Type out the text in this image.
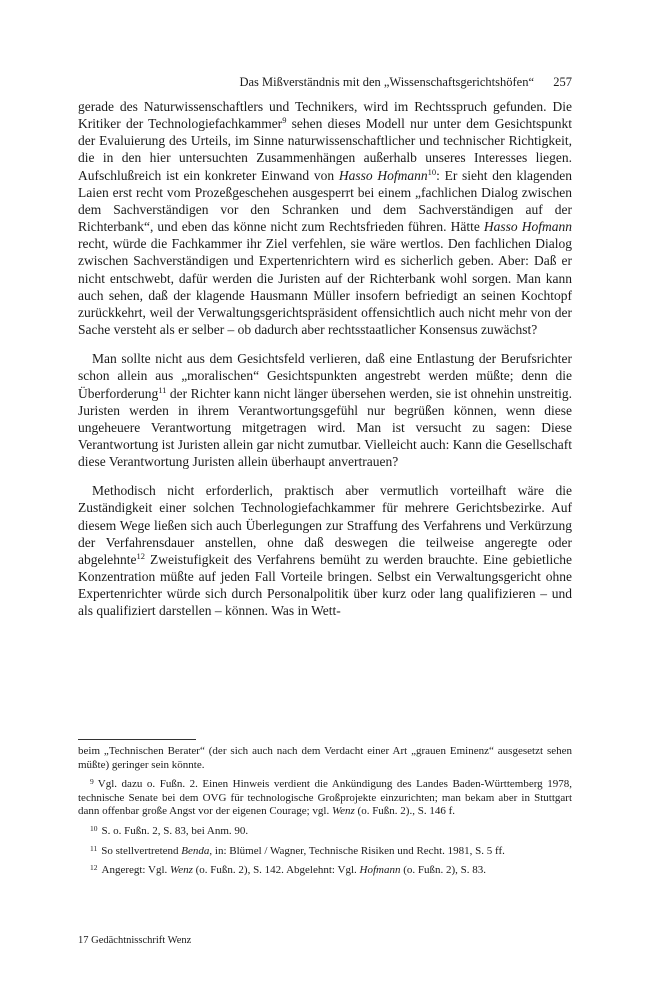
Das Mißverständnis mit den „Wissenschaftsgerichtshöfen“ 257

gerade des Naturwissenschaftlers und Technikers, wird im Rechtsspruch gefunden. Die Kritiker der Technologiefachkammer$^9$ sehen dieses Modell nur unter dem Gesichtspunkt der Evaluierung des Urteils, im Sinne naturwissenschaftlicher und technischer Richtigkeit, die in den hier untersuchten Zusammenhängen außerhalb unseres Interesses liegen. Aufschlußreich ist ein konkreter Einwand von Hasso Hofmann$^{10}$: Er sieht den klagenden Laien erst recht vom Prozeßgeschehen ausgesperrt bei einem „fachlichen Dialog zwischen dem Sachverständigen vor den Schranken und dem Sachverständigen auf der Richterbank“, und eben das könne nicht zum Rechtsfrieden führen. Hätte Hasso Hofmann recht, würde die Fachkammer ihr Ziel verfehlen, sie wäre wertlos. Den fachlichen Dialog zwischen Sachverständigen und Expertenrichtern wird es sicherlich geben. Aber: Daß er nicht entschwebt, dafür werden die Juristen auf der Richterbank wohl sorgen. Man kann auch sehen, daß der klagende Hausmann Müller insofern befriedigt an seinen Kochtopf zurückkehrt, weil der Verwaltungsgerichtspräsident offensichtlich auch nicht mehr von der Sache versteht als er selber – ob dadurch aber rechtsstaatlicher Konsensus zuwächst?

Man sollte nicht aus dem Gesichtsfeld verlieren, daß eine Entlastung der Berufsrichter schon allein aus „moralischen“ Gesichtspunkten angestrebt werden müßte; denn die Überforderung$^{11}$ der Richter kann nicht länger übersehen werden, sie ist ohnehin unstreitig. Juristen werden in ihrem Verantwortungsgefühl nur begrüßen können, wenn diese ungeheuere Verantwortung mitgetragen wird. Man ist versucht zu sagen: Diese Verantwortung ist Juristen allein gar nicht zumutbar. Vielleicht auch: Kann die Gesellschaft diese Verantwortung Juristen allein überhaupt anvertrauen?

Methodisch nicht erforderlich, praktisch aber vermutlich vorteilhaft wäre die Zuständigkeit einer solchen Technologiefachkammer für mehrere Gerichtsbezirke. Auf diesem Wege ließen sich auch Überlegungen zur Straffung des Verfahrens und Verkürzung der Verfahrensdauer anstellen, ohne daß deswegen die teilweise angeregte oder abgelehnte$^{12}$ Zweistufigkeit des Verfahrens bemüht zu werden brauchte. Eine gebietliche Konzentration müßte auf jeden Fall Vorteile bringen. Selbst ein Verwaltungsgericht ohne Expertenrichter würde sich durch Personalpolitik über kurz oder lang qualifizieren – und als qualifiziert darstellen – können. Was in Wett-

beim „Technischen Berater“ (der sich auch nach dem Verdacht einer Art „grauen Eminenz“ ausgesetzt sehen müßte) geringer sein könnte.

$^9$ Vgl. dazu o. Fußn. 2. Einen Hinweis verdient die Ankündigung des Landes Baden-Württemberg 1978, technische Senate bei dem OVG für technologische Großprojekte einzurichten; man bekam aber in Stuttgart dann offenbar große Angst vor der eigenen Courage; vgl. Wenz (o. Fußn. 2)., S. 146 f.

$^{10}$ S. o. Fußn. 2, S. 83, bei Anm. 90.

$^{11}$ So stellvertretend Benda, in: Blümel / Wagner, Technische Risiken und Recht. 1981, S. 5 ff.

$^{12}$ Angeregt: Vgl. Wenz (o. Fußn. 2), S. 142. Abgelehnt: Vgl. Hofmann (o. Fußn. 2), S. 83.

17 Gedächtnisschrift Wenz
